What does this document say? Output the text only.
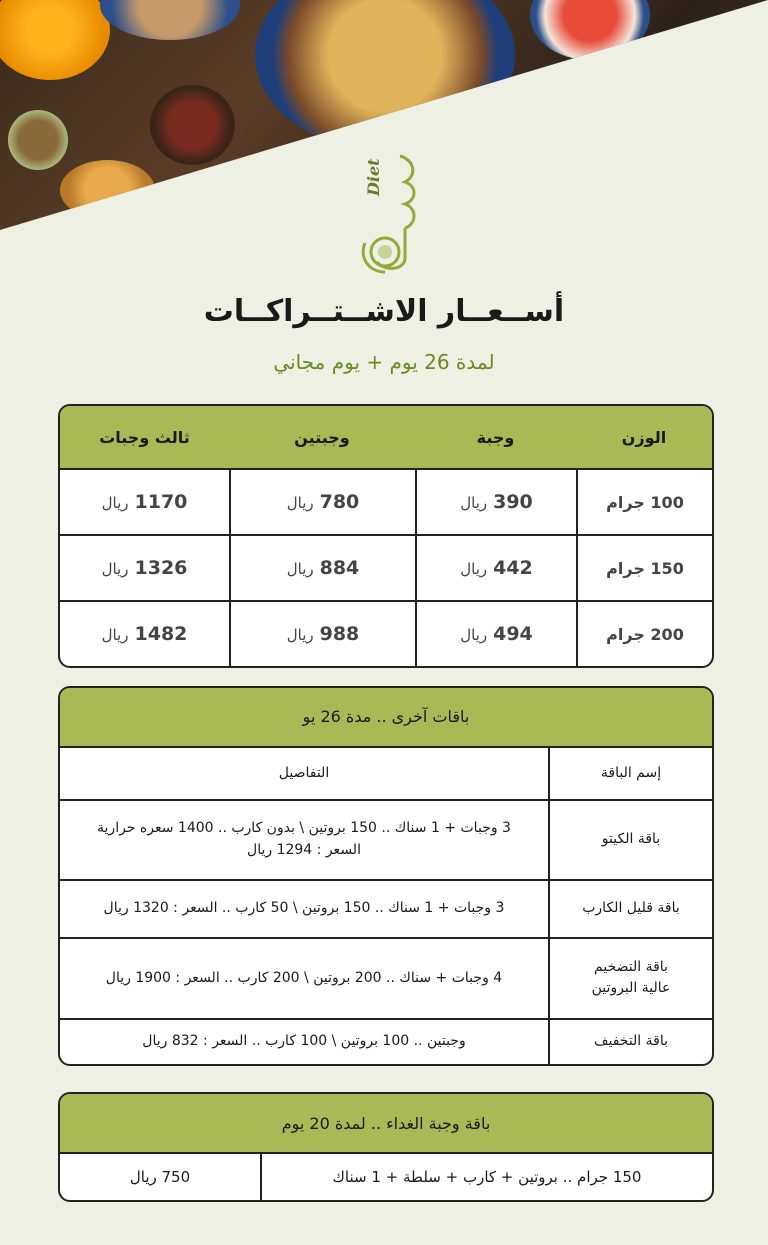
Diet
أســعــار الاشــتــراكــات
لمدة 26 يوم + يوم مجاني
الوزن	وجبة	وجبتين	ثالث وجبات
100 جرام	390ريال	780ريال	1170ريال
150 جرام	442ريال	884ريال	1326ريال
200 جرام	494ريال	988ريال	1482ريال
باقات آخرى .. مدة 26 يو	
إسم الباقة	التفاصيل
باقة الكيتو	3 وجبات + 1 سناك .. 150 بروتين \ بدون كارب .. 1400 سعره حرارية
السعر : 1294 ريال

باقة قليل الكارب	3 وجبات + 1 سناك .. 150 بروتين \ 50 كارب .. السعر : 1320 ريال

باقة التضخيم
عالية البروتين	4 وجبات + سناك .. 200 بروتين \ 200 كارب .. السعر : 1900 ريال
باقة التخفيف	وجبتين .. 100 بروتين \ 100 كارب .. السعر : 832 ريال
باقة وجبة الغداء .. لمدة 20 يوم
150 جرام .. بروتين + كارب + سلطة + 1 سناك	750 ريال
